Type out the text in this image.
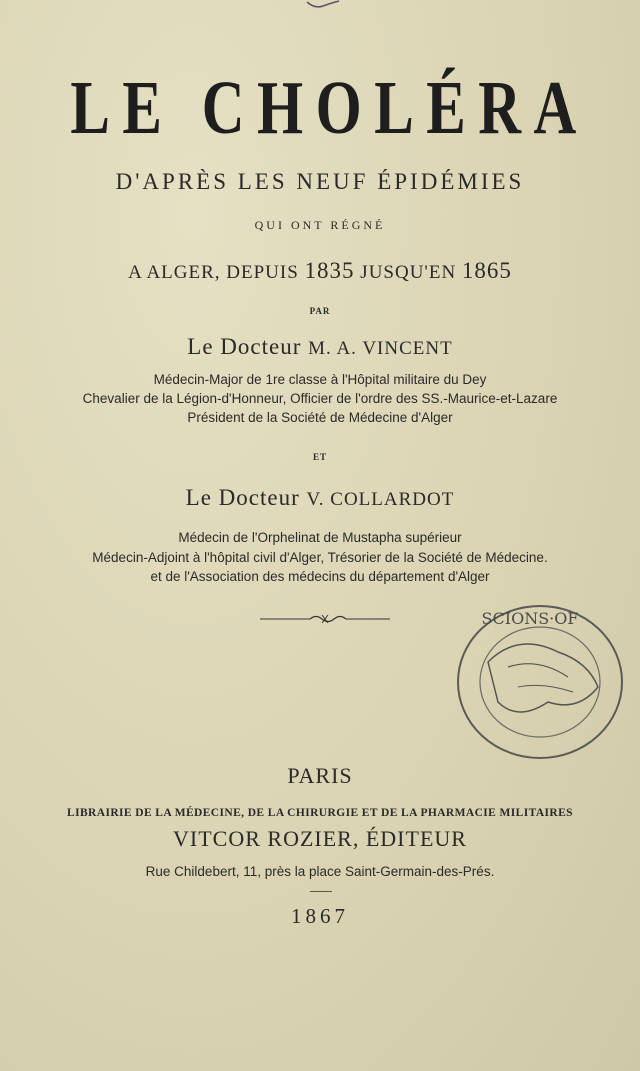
LE CHOLÉRA
D'APRÈS LES NEUF ÉPIDÉMIES
QUI ONT RÉGNÉ
A ALGER, DEPUIS 1835 JUSQU'EN 1865
PAR
Le Docteur M. A. VINCENT
Médecin-Major de 1re classe à l'Hôpital militaire du Dey
Chevalier de la Légion-d'Honneur, Officier de l'ordre des SS.-Maurice-et-Lazare
Président de la Société de Médecine d'Alger
ET
Le Docteur V. COLLARDOT
Médecin de l'Orphelinat de Mustapha supérieur
Médecin-Adjoint à l'hôpital civil d'Alger, Trésorier de la Société de Médecine.
et de l'Association des médecins du département d'Alger
SCIONS·OF
PARIS
LIBRAIRIE DE LA MÉDECINE, DE LA CHIRURGIE ET DE LA PHARMACIE MILITAIRES
VITCOR ROZIER, ÉDITEUR
Rue Childebert, 11, près la place Saint-Germain-des-Prés.
1867
